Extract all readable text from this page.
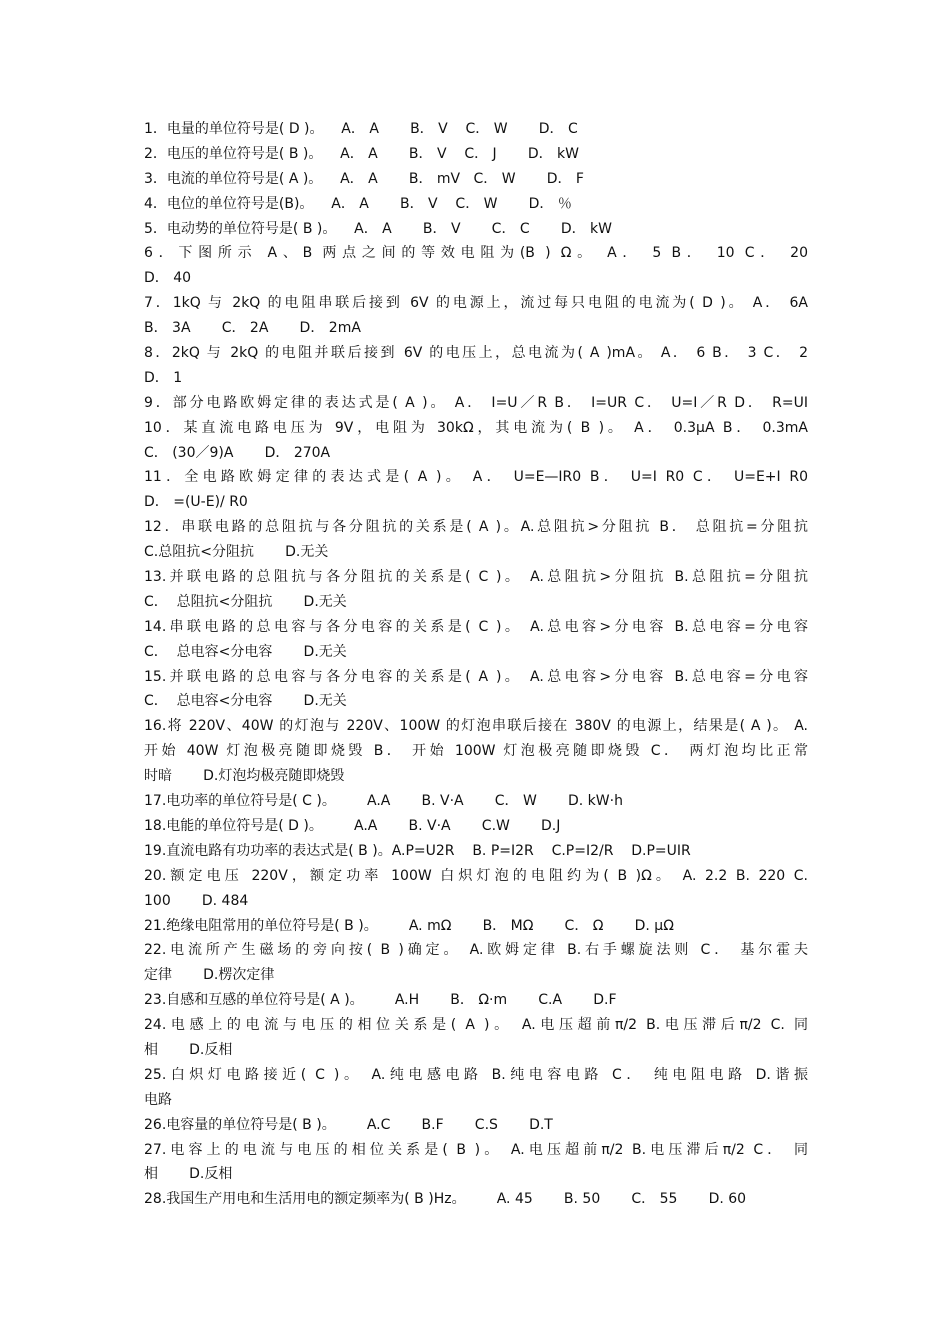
1．电量的单位符号是( D )。    A． A       B． V    C． W       D． C
2．电压的单位符号是( B )。    A． A       B． V    C． J       D． kW
3．电流的单位符号是( A )。    A． A       B． mV   C． W       D． F
4．电位的单位符号是(B)。    A． A       B． V    C． W       D． ％
5．电动势的单位符号是( B )。    A． A       B． V       C． C       D． kW
6．下图所示 A、B 两点之间的等效电阻为(B ) Ω。 A． 5 B． 10 C． 20
D． 40
7．1kQ 与 2kQ 的电阻串联后接到 6V 的电源上，流过每只电阻的电流为( D )。 A． 6A
B． 3A       C． 2A       D． 2mA
8．2kQ 与 2kQ 的电阻并联后接到 6V 的电压上，总电流为( A )mA。 A． 6 B． 3 C． 2
D． 1
9．部分电路欧姆定律的表达式是( A )。 A． I=U／R B． I=UR C． U=I／R D． R=UI
10．某直流电路电压为 9V，电阻为 30kΩ，其电流为( B )。 A． 0.3μA B． 0.3mA
C． (30／9)A       D． 270A
11．全电路欧姆定律的表达式是( A )。 A． U=E—IR0 B． U=I R0 C． U=E+I R0
D． =(U-E)/ R0
12．串联电路的总阻抗与各分阻抗的关系是( A )。A.总阻抗>分阻抗 B． 总阻抗=分阻抗
C.总阻抗<分阻抗       D.无关
13.并联电路的总阻抗与各分阻抗的关系是( C )。 A.总阻抗>分阻抗 B.总阻抗=分阻抗
C．  总阻抗<分阻抗       D.无关
14.串联电路的总电容与各分电容的关系是( C )。 A.总电容>分电容 B.总电容=分电容
C．  总电容<分电容       D.无关
15.并联电路的总电容与各分电容的关系是( A )。 A.总电容>分电容 B.总电容=分电容
C．  总电容<分电容       D.无关
16.将 220V、40W 的灯泡与 220V、100W 的灯泡串联后接在 380V 的电源上，结果是( A )。 A.
开始 40W 灯泡极亮随即烧毁 B． 开始 100W 灯泡极亮随即烧毁 C． 两灯泡均比正常
时暗       D.灯泡均极亮随即烧毁
17.电功率的单位符号是( C )。       A.A       B. V·A       C． W       D. kW·h
18.电能的单位符号是( D )。       A.A       B. V·A       C.W       D.J
19.直流电路有功功率的表达式是( B )。A.P=U2R    B. P=I2R    C.P=I2/R    D.P=UIR
20.额定电压 220V，额定功率 100W 白炽灯泡的电阻约为( B )Ω。 A. 2.2 B. 220 C.
100       D. 484
21.绝缘电阻常用的单位符号是( B )。       A. mΩ       B． MΩ       C． Ω       D. μΩ
22.电流所产生磁场的旁向按( B )确定。 A.欧姆定律 B.右手螺旋法则 C． 基尔霍夫
定律       D.楞次定律
23.自感和互感的单位符号是( A )。       A.H       B． Ω·m       C.A       D.F
24.电感上的电流与电压的相位关系是( A )。 A.电压超前π/2 B.电压滞后π/2 C. 同
相       D.反相
25.白炽灯电路接近( C )。 A.纯电感电路 B.纯电容电路 C． 纯电阻电路 D.谐振
电路
26.电容量的单位符号是( B )。       A.C       B.F       C.S       D.T
27.电容上的电流与电压的相位关系是( B )。 A.电压超前π/2 B.电压滞后π/2 C． 同
相       D.反相
28.我国生产用电和生活用电的额定频率为( B )Hz。       A. 45       B. 50       C． 55       D. 60
